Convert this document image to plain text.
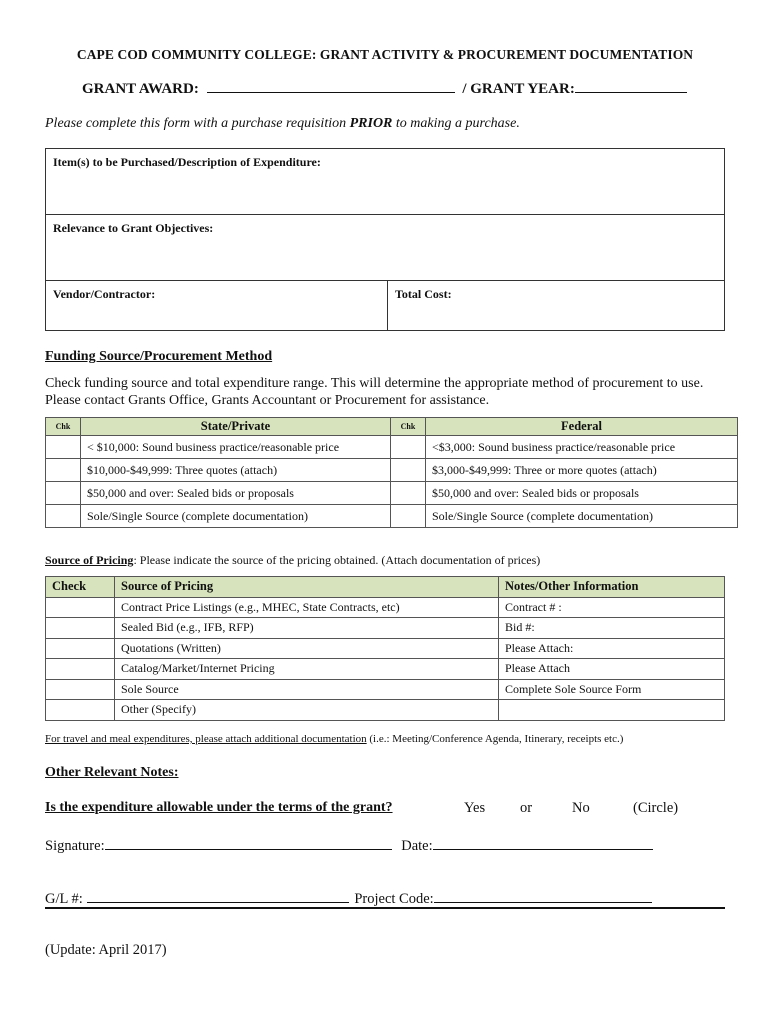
CAPE COD COMMUNITY COLLEGE: GRANT ACTIVITY & PROCUREMENT DOCUMENTATION
GRANT AWARD:	/ GRANT YEAR:
Please complete this form with a purchase requisition PRIOR to making a purchase.
Item(s) to be Purchased/Description of Expenditure:
Relevance to Grant Objectives:
Vendor/Contractor:	Total Cost:
Funding Source/Procurement Method
Check funding source and total expenditure range. This will determine the appropriate method of procurement to use. Please contact Grants Office, Grants Accountant or Procurement for assistance.
Chk	State/Private	Chk	Federal
	< $10,000: Sound business practice/reasonable price		<$3,000: Sound business practice/reasonable price
	$10,000-$49,999: Three quotes (attach)		$3,000-$49,999: Three or more quotes (attach)
	$50,000 and over: Sealed bids or proposals		$50,000 and over: Sealed bids or proposals
	Sole/Single Source (complete documentation)		Sole/Single Source (complete documentation)
Source of Pricing: Please indicate the source of the pricing obtained. (Attach documentation of prices)
Check	Source of Pricing	Notes/Other Information
	Contract Price Listings (e.g., MHEC, State Contracts, etc)	Contract # :
	Sealed Bid (e.g., IFB, RFP)	Bid #:
	Quotations (Written)	Please Attach:
	Catalog/Market/Internet Pricing	Please Attach
	Sole Source	Complete Sole Source Form
	Other (Specify)	
For travel and meal expenditures, please attach additional documentation (i.e.: Meeting/Conference Agenda, Itinerary, receipts etc.)
Other Relevant Notes:
Is the expenditure allowable under the terms of the grant?	Yes or	No	(Circle)
Signature:	Date:
G/L #:	Project Code:
(Update: April 2017)
